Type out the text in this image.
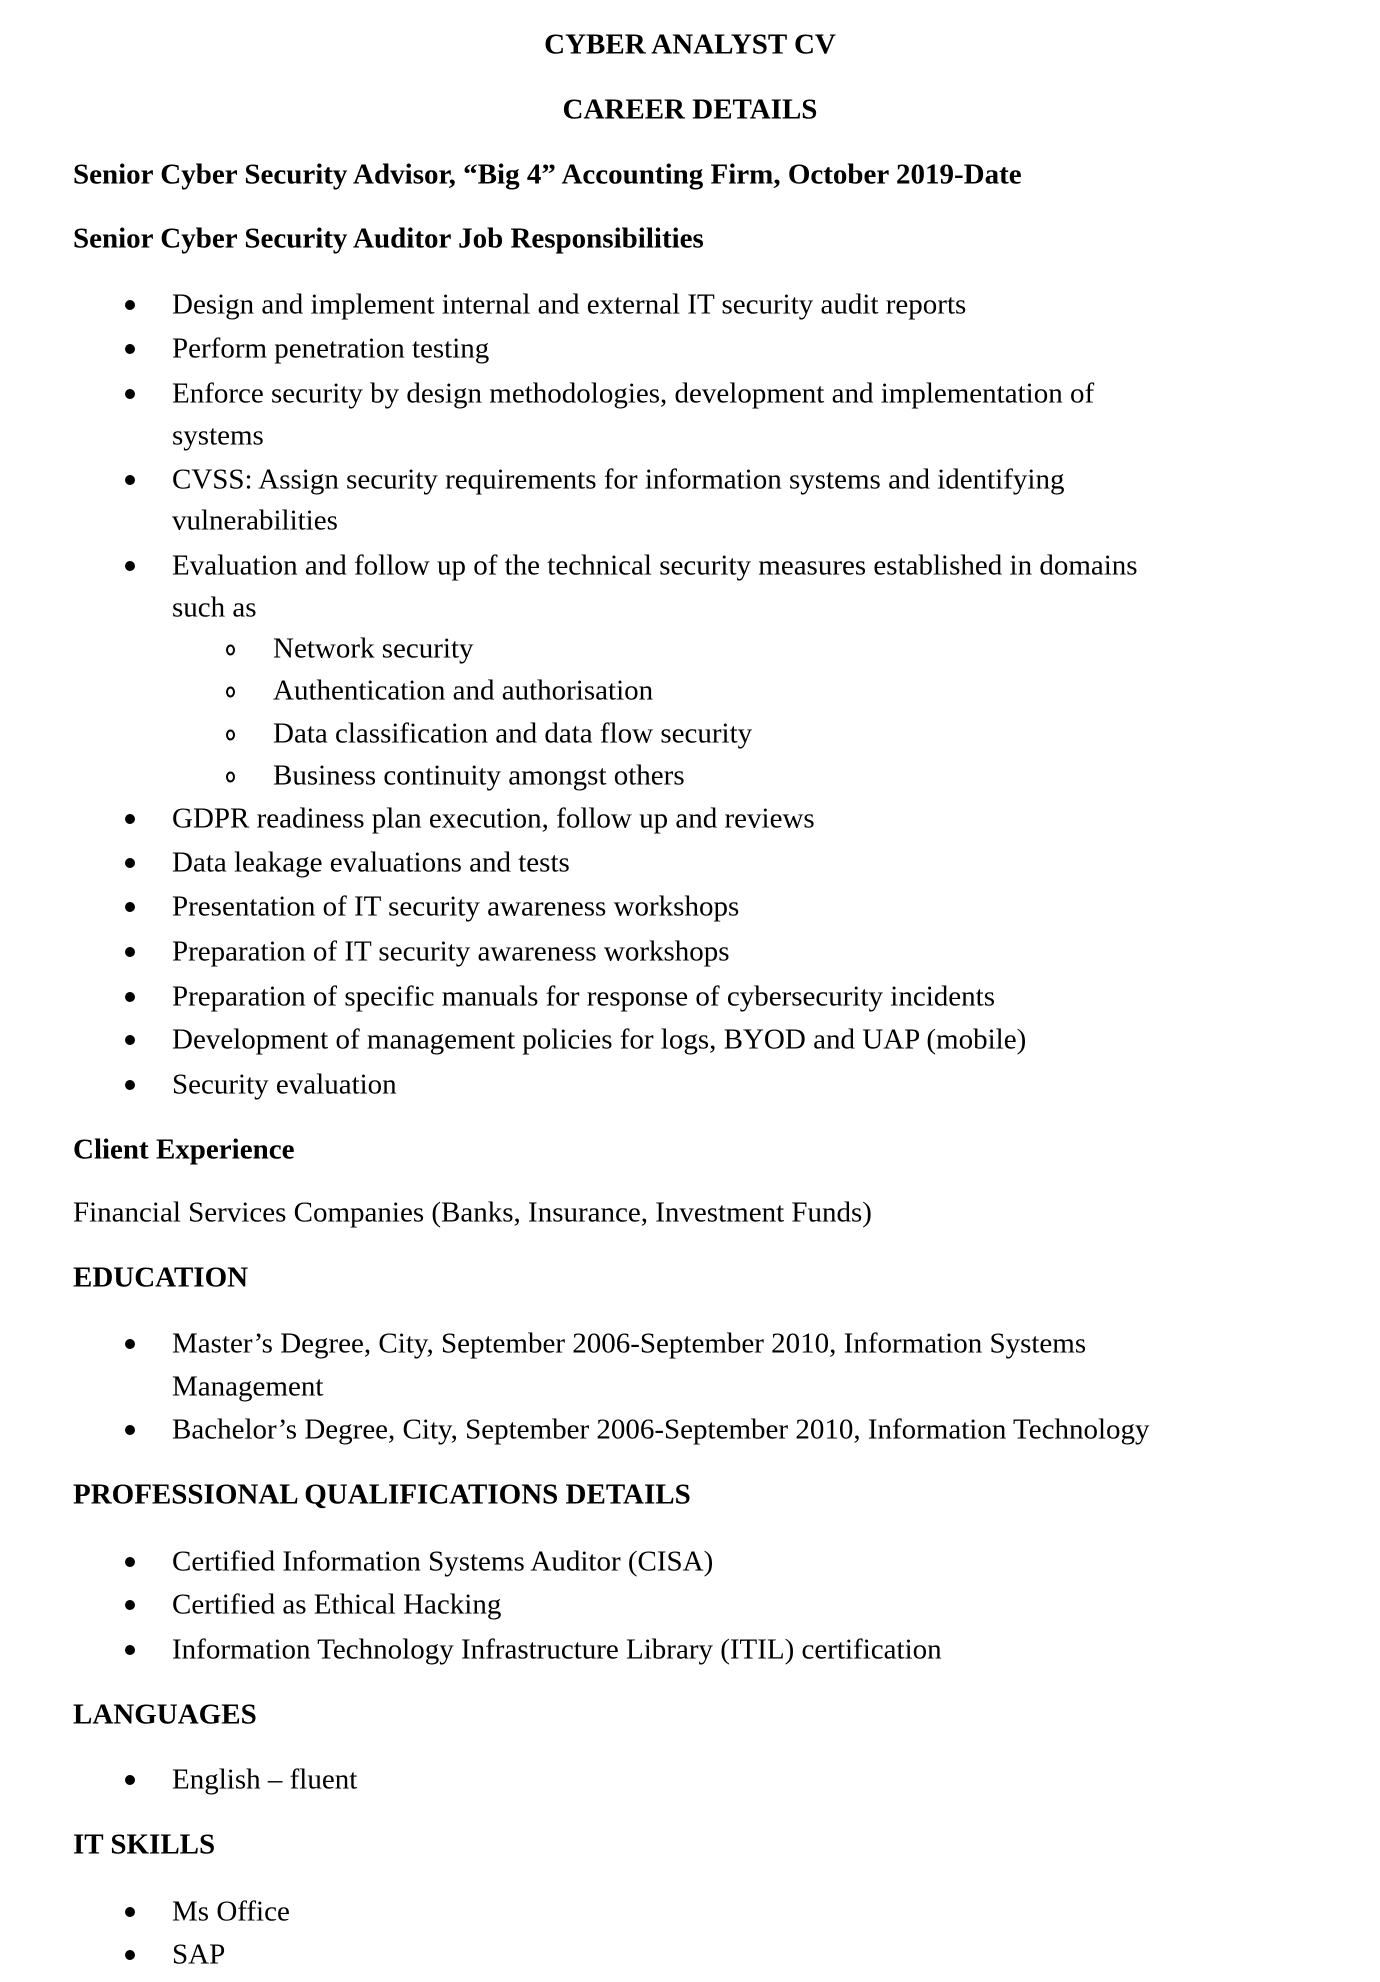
CYBER ANALYST CV
CAREER DETAILS
Senior Cyber Security Advisor, “Big 4” Accounting Firm, October 2019-Date
Senior Cyber Security Auditor Job Responsibilities
Design and implement internal and external IT security audit reports
Perform penetration testing
Enforce security by design methodologies, development and implementation of
systems
CVSS: Assign security requirements for information systems and identifying
vulnerabilities
Evaluation and follow up of the technical security measures established in domains
such as
Network security
Authentication and authorisation
Data classification and data flow security
Business continuity amongst others
GDPR readiness plan execution, follow up and reviews
Data leakage evaluations and tests
Presentation of IT security awareness workshops
Preparation of IT security awareness workshops
Preparation of specific manuals for response of cybersecurity incidents
Development of management policies for logs, BYOD and UAP (mobile)
Security evaluation
Client Experience
Financial Services Companies (Banks, Insurance, Investment Funds)
EDUCATION
Master’s Degree, City, September 2006-September 2010, Information Systems
Management
Bachelor’s Degree, City, September 2006-September 2010, Information Technology
PROFESSIONAL QUALIFICATIONS DETAILS
Certified Information Systems Auditor (CISA)
Certified as Ethical Hacking
Information Technology Infrastructure Library (ITIL) certification
LANGUAGES
English – fluent
IT SKILLS
Ms Office
SAP
